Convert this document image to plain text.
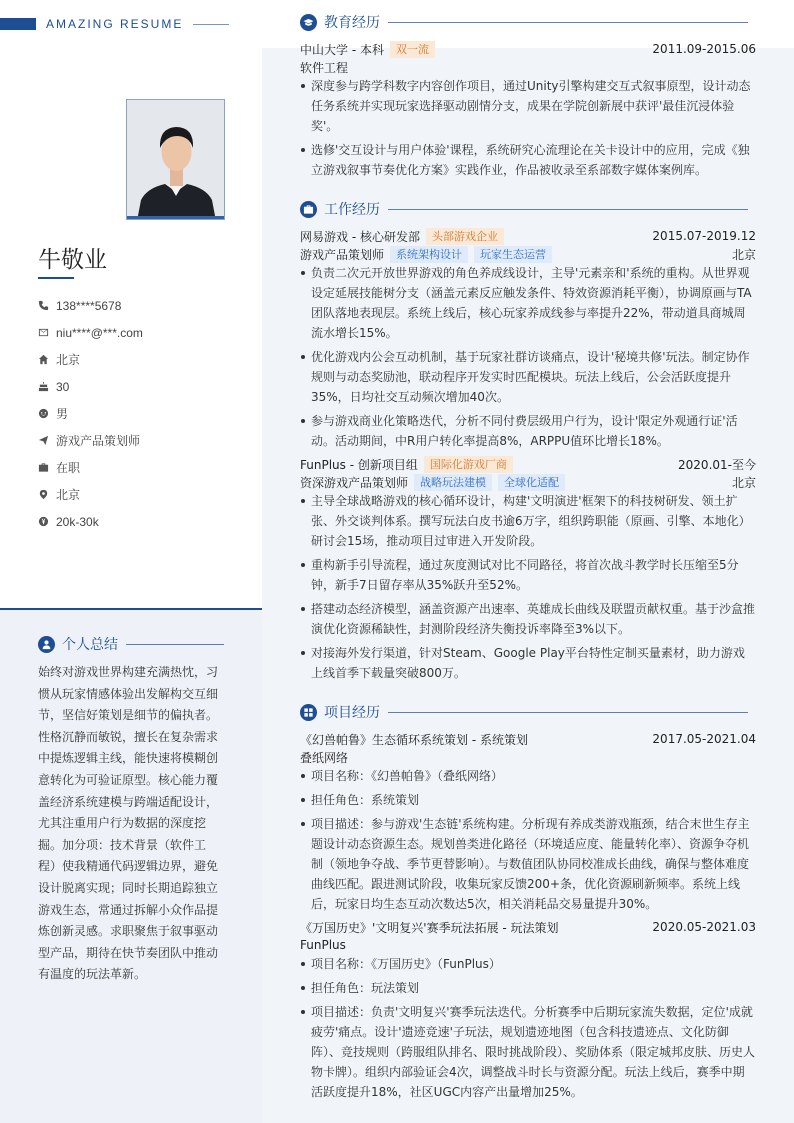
AMAZING RESUME
牛敬业
138****5678
niu****@***.com
北京
30
男
游戏产品策划师
在职
北京
20k-30k
个人总结
始终对游戏世界构建充满热忱，习惯从玩家情感体验出发解构交互细节，坚信好策划是细节的偏执者。性格沉静而敏锐，擅长在复杂需求中提炼逻辑主线，能快速将模糊创意转化为可验证原型。核心能力覆盖经济系统建模与跨端适配设计，尤其注重用户行为数据的深度挖掘。加分项：技术背景（软件工程）使我精通代码逻辑边界，避免设计脱离实现；同时长期追踪独立游戏生态，常通过拆解小众作品提炼创新灵感。求职聚焦于叙事驱动型产品，期待在快节奏团队中推动有温度的玩法革新。
教育经历
中山大学 - 本科	双一流	2011.09-2015.06
软件工程
深度参与跨学科数字内容创作项目，通过Unity引擎构建交互式叙事原型，设计动态任务系统并实现玩家选择驱动剧情分支，成果在学院创新展中获评'最佳沉浸体验奖'。
选修'交互设计与用户体验'课程，系统研究心流理论在关卡设计中的应用，完成《独立游戏叙事节奏优化方案》实践作业，作品被收录至系部数字媒体案例库。
工作经历
网易游戏 - 核心研发部	头部游戏企业	2015.07-2019.12
游戏产品策划师	系统架构设计	玩家生态运营	北京
负责二次元开放世界游戏的角色养成线设计，主导'元素亲和'系统的重构。从世界观设定延展技能树分支（涵盖元素反应触发条件、特效资源消耗平衡），协调原画与TA团队落地表现层。系统上线后，核心玩家养成线参与率提升22%，带动道具商城周流水增长15%。
优化游戏内公会互动机制，基于玩家社群访谈痛点，设计'秘境共修'玩法。制定协作规则与动态奖励池，联动程序开发实时匹配模块。玩法上线后，公会活跃度提升35%，日均社交互动频次增加40次。
参与游戏商业化策略迭代，分析不同付费层级用户行为，设计'限定外观通行证'活动。活动期间，中R用户转化率提高8%，ARPPU值环比增长18%。
FunPlus - 创新项目组	国际化游戏厂商	2020.01-至今
资深游戏产品策划师	战略玩法建模	全球化适配	北京
主导全球战略游戏的核心循环设计，构建'文明演进'框架下的科技树研发、领土扩张、外交谈判体系。撰写玩法白皮书逾6万字，组织跨职能（原画、引擎、本地化）研讨会15场，推动项目过审进入开发阶段。
重构新手引导流程，通过灰度测试对比不同路径，将首次战斗教学时长压缩至5分钟，新手7日留存率从35%跃升至52%。
搭建动态经济模型，涵盖资源产出速率、英雄成长曲线及联盟贡献权重。基于沙盒推演优化资源稀缺性，封测阶段经济失衡投诉率降至3%以下。
对接海外发行渠道，针对Steam、Google Play平台特性定制买量素材，助力游戏上线首季下载量突破800万。
项目经历
《幻兽帕鲁》生态循环系统策划 - 系统策划	2017.05-2021.04
叠纸网络
项目名称：《幻兽帕鲁》（叠纸网络）
担任角色：系统策划
项目描述：参与游戏'生态链'系统构建。分析现有养成类游戏瓶颈，结合末世生存主题设计动态资源生态。规划兽类进化路径（环境适应度、能量转化率）、资源争夺机制（领地争夺战、季节更替影响）。与数值团队协同校准成长曲线，确保与整体难度曲线匹配。跟进测试阶段，收集玩家反馈200+条，优化资源刷新频率。系统上线后，玩家日均生态互动次数达5次，相关消耗品交易量提升30%。
《万国历史》'文明复兴'赛季玩法拓展 - 玩法策划	2020.05-2021.03
FunPlus
项目名称：《万国历史》（FunPlus）
担任角色：玩法策划
项目描述：负责'文明复兴'赛季玩法迭代。分析赛季中后期玩家流失数据，定位'成就疲劳'痛点。设计'遗迹竞速'子玩法，规划遗迹地图（包含科技遗迹点、文化防御阵）、竞技规则（跨服组队排名、限时挑战阶段）、奖励体系（限定城邦皮肤、历史人物卡牌）。组织内部验证会4次，调整战斗时长与资源分配。玩法上线后，赛季中期活跃度提升18%，社区UGC内容产出量增加25%。
